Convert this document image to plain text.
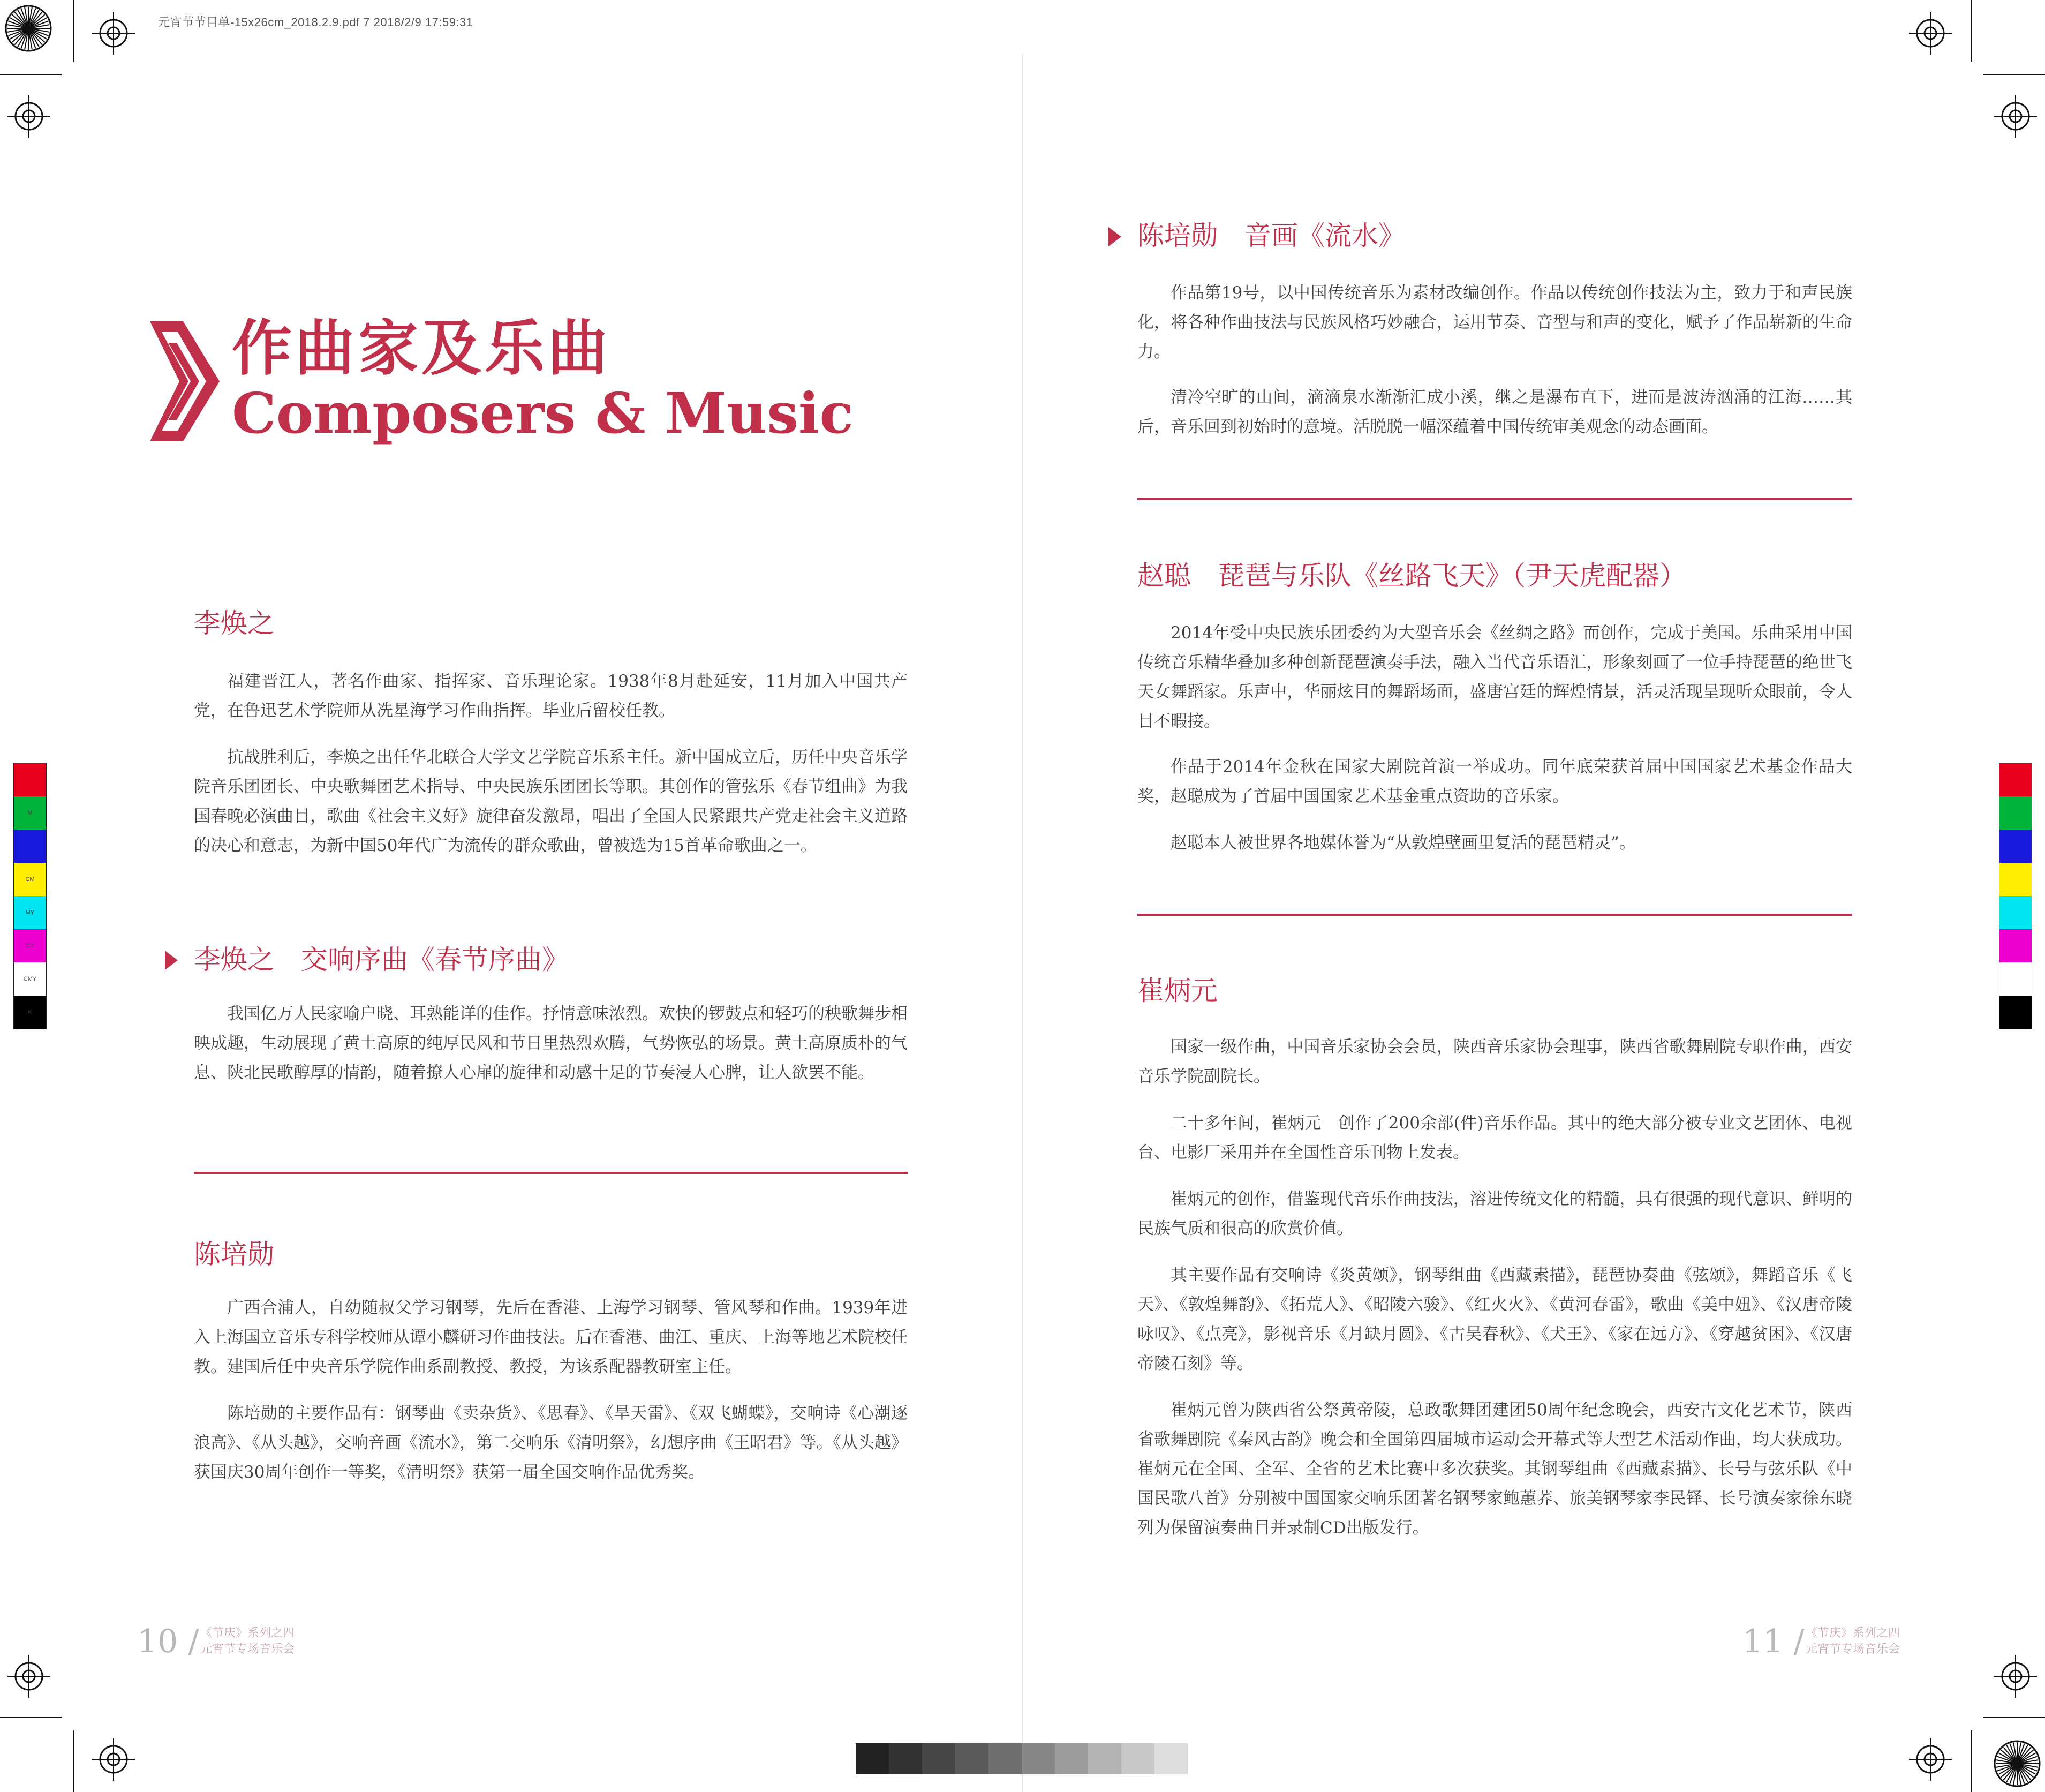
元宵节节目单-15x26cm_2018.2.9.pdf 7 2018/2/9 17:59:31
M
CM
MY
CY
CMY
K
作曲家及乐曲
Composers & Music
李焕之
福建晋江人，著名作曲家、指挥家、音乐理论家。1938年8月赴延安，11月加入中国共产党，在鲁迅艺术学院师从冼星海学习作曲指挥。毕业后留校任教。
抗战胜利后，李焕之出任华北联合大学文艺学院音乐系主任。新中国成立后，历任中央音乐学院音乐团团长、中央歌舞团艺术指导、中央民族乐团团长等职。其创作的管弦乐《春节组曲》为我国春晚必演曲目，歌曲《社会主义好》旋律奋发激昂，唱出了全国人民紧跟共产党走社会主义道路的决心和意志，为新中国50年代广为流传的群众歌曲，曾被选为15首革命歌曲之一。
李焕之　交响序曲《春节序曲》
我国亿万人民家喻户晓、耳熟能详的佳作。抒情意味浓烈。欢快的锣鼓点和轻巧的秧歌舞步相映成趣，生动展现了黄土高原的纯厚民风和节日里热烈欢腾，气势恢弘的场景。黄土高原质朴的气息、陕北民歌醇厚的情韵，随着撩人心扉的旋律和动感十足的节奏浸人心脾，让人欲罢不能。
陈培勋
广西合浦人，自幼随叔父学习钢琴，先后在香港、上海学习钢琴、管风琴和作曲。1939年进入上海国立音乐专科学校师从谭小麟研习作曲技法。后在香港、曲江、重庆、上海等地艺术院校任教。建国后任中央音乐学院作曲系副教授、教授，为该系配器教研室主任。
陈培勋的主要作品有：钢琴曲《卖杂货》、《思春》、《旱天雷》、《双飞蝴蝶》，交响诗《心潮逐浪高》、《从头越》，交响音画《流水》，第二交响乐《清明祭》，幻想序曲《王昭君》等。《从头越》获国庆30周年创作一等奖，《清明祭》获第一届全国交响作品优秀奖。
10 / 《节庆》系列之四
元宵节专场音乐会
陈培勋　音画《流水》
作品第19号，以中国传统音乐为素材改编创作。作品以传统创作技法为主，致力于和声民族化，将各种作曲技法与民族风格巧妙融合，运用节奏、音型与和声的变化，赋予了作品崭新的生命力。
清冷空旷的山间，滴滴泉水渐渐汇成小溪，继之是瀑布直下，进而是波涛汹涌的江海……其后，音乐回到初始时的意境。活脱脱一幅深蕴着中国传统审美观念的动态画面。
赵聪　琵琶与乐队《丝路飞天》（尹天虎配器）
2014年受中央民族乐团委约为大型音乐会《丝绸之路》而创作，完成于美国。乐曲采用中国传统音乐精华叠加多种创新琵琶演奏手法，融入当代音乐语汇，形象刻画了一位手持琵琶的绝世飞天女舞蹈家。乐声中，华丽炫目的舞蹈场面，盛唐宫廷的辉煌情景，活灵活现呈现听众眼前，令人目不暇接。
作品于2014年金秋在国家大剧院首演一举成功。同年底荣获首届中国国家艺术基金作品大奖，赵聪成为了首届中国国家艺术基金重点资助的音乐家。
赵聪本人被世界各地媒体誉为“从敦煌壁画里复活的琵琶精灵”。
崔炳元
国家一级作曲，中国音乐家协会会员，陕西音乐家协会理事，陕西省歌舞剧院专职作曲，西安音乐学院副院长。
二十多年间，崔炳元　创作了200余部(件)音乐作品。其中的绝大部分被专业文艺团体、电视台、电影厂采用并在全国性音乐刊物上发表。
崔炳元的创作，借鉴现代音乐作曲技法，溶进传统文化的精髓，具有很强的现代意识、鲜明的民族气质和很高的欣赏价值。
其主要作品有交响诗《炎黄颂》，钢琴组曲《西藏素描》，琵琶协奏曲《弦颂》，舞蹈音乐《飞天》、《敦煌舞韵》、《拓荒人》、《昭陵六骏》、《红火火》、《黄河春雷》，歌曲《美中妞》、《汉唐帝陵咏叹》、《点亮》，影视音乐《月缺月圆》、《古吴春秋》、《犬王》、《家在远方》、《穿越贫困》、《汉唐帝陵石刻》等。
崔炳元曾为陕西省公祭黄帝陵，总政歌舞团建团50周年纪念晚会，西安古文化艺术节，陕西省歌舞剧院《秦风古韵》晚会和全国第四届城市运动会开幕式等大型艺术活动作曲，均大获成功。崔炳元在全国、全军、全省的艺术比赛中多次获奖。其钢琴组曲《西藏素描》、长号与弦乐队《中国民歌八首》分别被中国国家交响乐团著名钢琴家鲍蕙荞、旅美钢琴家李民铎、长号演奏家徐东晓列为保留演奏曲目并录制CD出版发行。
11 / 《节庆》系列之四
元宵节专场音乐会
